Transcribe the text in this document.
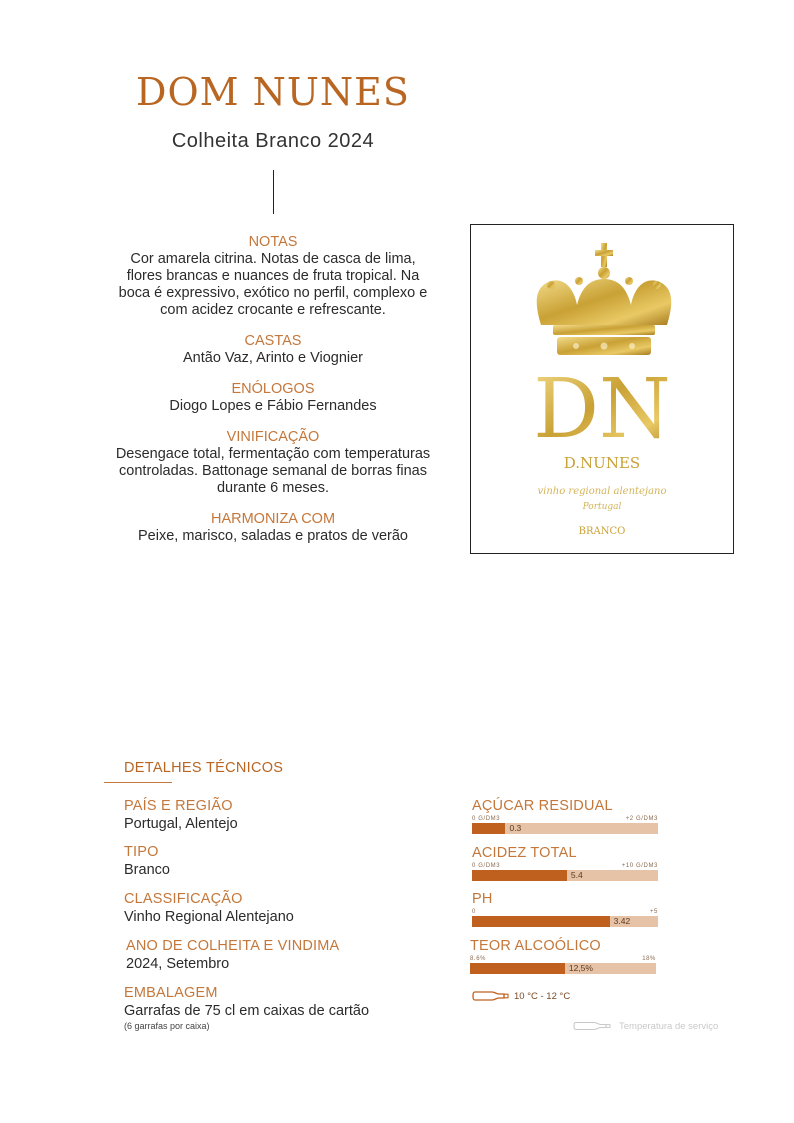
DOM NUNES
Colheita Branco 2024
NOTAS

Cor amarela citrina. Notas de casca de lima, flores brancas e nuances de fruta tropical. Na boca é expressivo, exótico no perfil, complexo e com acidez crocante e refrescante.

CASTAS

Antão Vaz, Arinto e Viognier

ENÓLOGOS

Diogo Lopes e Fábio Fernandes

VINIFICAÇÃO

Desengace total, fermentação com temperaturas controladas. Battonage semanal de borras finas durante 6 meses.

HARMONIZA COM

Peixe, marisco, saladas e pratos de verão

DN
D.NUNES
vinho regional alentejano
Portugal
BRANCO
DETALHES TÉCNICOS
PAÍS E REGIÃO
Portugal, Alentejo
TIPO
Branco
CLASSIFICAÇÃO
Vinho Regional Alentejano
ANO DE COLHEITA E VINDIMA
2024, Setembro
EMBALAGEM
Garrafas de 75 cl em caixas de cartão
(6 garrafas por caixa)
AÇÚCAR RESIDUAL
0 G/DM3	+2 G/DM3
0.3
ACIDEZ TOTAL
0 G/DM3	+10 G/DM3
5.4
PH
0	+5
3.42
TEOR ALCOÓLICO
8.6%	18%
12,5%
10 °C - 12 °C
Temperatura de serviço
